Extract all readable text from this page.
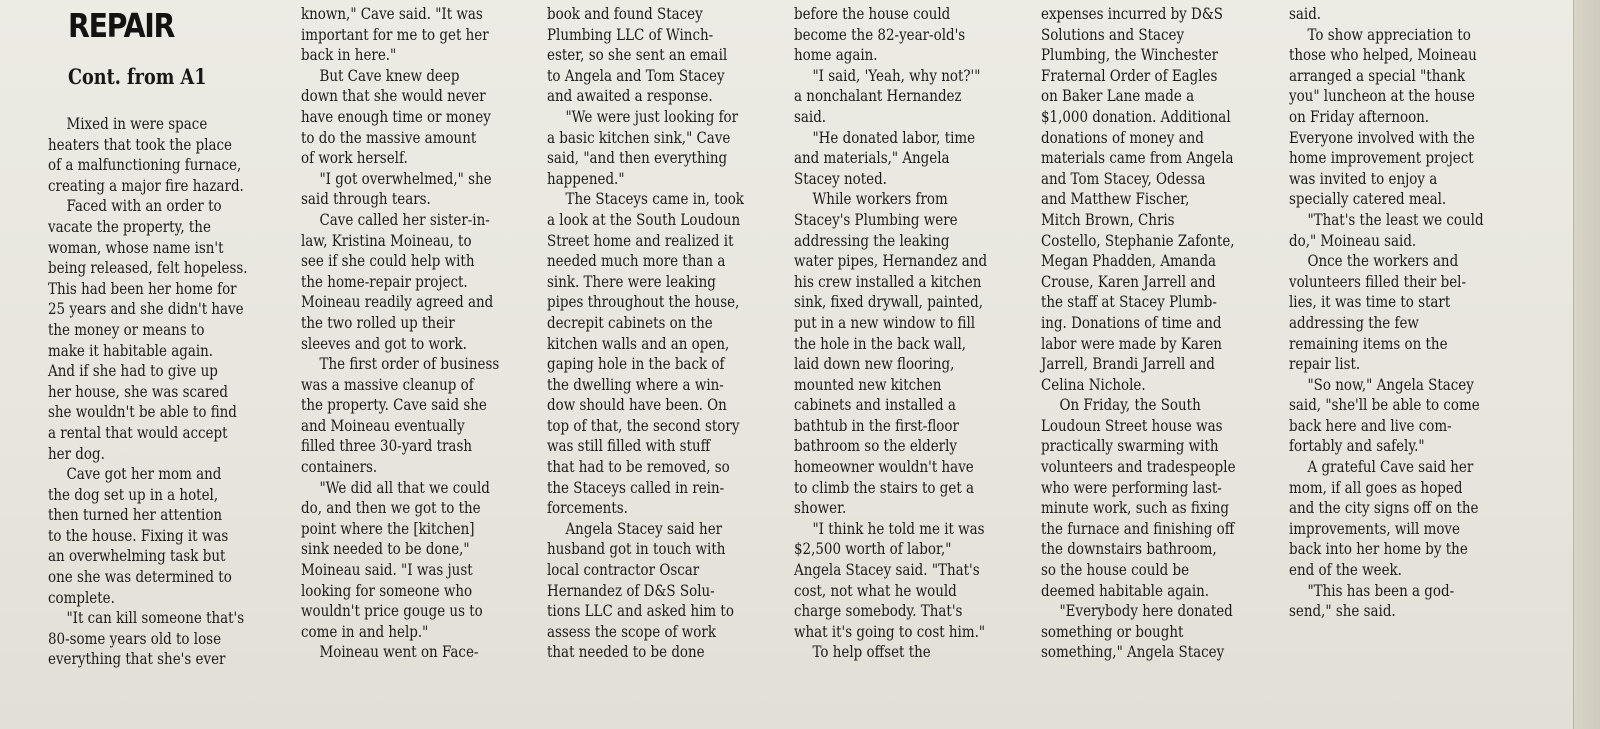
REPAIR
Cont. from A1
Mixed in were space
heaters that took the place
of a malfunctioning furnace,
creating a major fire hazard.
Faced with an order to
vacate the property, the
woman, whose name isn't
being released, felt hopeless.
This had been her home for
25 years and she didn't have
the money or means to
make it habitable again.
And if she had to give up
her house, she was scared
she wouldn't be able to find
a rental that would accept
her dog.
Cave got her mom and
the dog set up in a hotel,
then turned her attention
to the house. Fixing it was
an overwhelming task but
one she was determined to
complete.
"It can kill someone that's
80-some years old to lose
everything that she's ever
known," Cave said. "It was
important for me to get her
back in here."
But Cave knew deep
down that she would never
have enough time or money
to do the massive amount
of work herself.
"I got overwhelmed," she
said through tears.
Cave called her sister-in-
law, Kristina Moineau, to
see if she could help with
the home-repair project.
Moineau readily agreed and
the two rolled up their
sleeves and got to work.
The first order of business
was a massive cleanup of
the property. Cave said she
and Moineau eventually
filled three 30-yard trash
containers.
"We did all that we could
do, and then we got to the
point where the [kitchen]
sink needed to be done,"
Moineau said. "I was just
looking for someone who
wouldn't price gouge us to
come in and help."
Moineau went on Face-
book and found Stacey
Plumbing LLC of Winch-
ester, so she sent an email
to Angela and Tom Stacey
and awaited a response.
"We were just looking for
a basic kitchen sink," Cave
said, "and then everything
happened."
The Staceys came in, took
a look at the South Loudoun
Street home and realized it
needed much more than a
sink. There were leaking
pipes throughout the house,
decrepit cabinets on the
kitchen walls and an open,
gaping hole in the back of
the dwelling where a win-
dow should have been. On
top of that, the second story
was still filled with stuff
that had to be removed, so
the Staceys called in rein-
forcements.
Angela Stacey said her
husband got in touch with
local contractor Oscar
Hernandez of D&S Solu-
tions LLC and asked him to
assess the scope of work
that needed to be done
before the house could
become the 82-year-old's
home again.
"I said, 'Yeah, why not?'"
a nonchalant Hernandez
said.
"He donated labor, time
and materials," Angela
Stacey noted.
While workers from
Stacey's Plumbing were
addressing the leaking
water pipes, Hernandez and
his crew installed a kitchen
sink, fixed drywall, painted,
put in a new window to fill
the hole in the back wall,
laid down new flooring,
mounted new kitchen
cabinets and installed a
bathtub in the first-floor
bathroom so the elderly
homeowner wouldn't have
to climb the stairs to get a
shower.
"I think he told me it was
$2,500 worth of labor,"
Angela Stacey said. "That's
cost, not what he would
charge somebody. That's
what it's going to cost him."
To help offset the
expenses incurred by D&S
Solutions and Stacey
Plumbing, the Winchester
Fraternal Order of Eagles
on Baker Lane made a
$1,000 donation. Additional
donations of money and
materials came from Angela
and Tom Stacey, Odessa
and Matthew Fischer,
Mitch Brown, Chris
Costello, Stephanie Zafonte,
Megan Phadden, Amanda
Crouse, Karen Jarrell and
the staff at Stacey Plumb-
ing. Donations of time and
labor were made by Karen
Jarrell, Brandi Jarrell and
Celina Nichole.
On Friday, the South
Loudoun Street house was
practically swarming with
volunteers and tradespeople
who were performing last-
minute work, such as fixing
the furnace and finishing off
the downstairs bathroom,
so the house could be
deemed habitable again.
"Everybody here donated
something or bought
something," Angela Stacey
said.
To show appreciation to
those who helped, Moineau
arranged a special "thank
you" luncheon at the house
on Friday afternoon.
Everyone involved with the
home improvement project
was invited to enjoy a
specially catered meal.
"That's the least we could
do," Moineau said.
Once the workers and
volunteers filled their bel-
lies, it was time to start
addressing the few
remaining items on the
repair list.
"So now," Angela Stacey
said, "she'll be able to come
back here and live com-
fortably and safely."
A grateful Cave said her
mom, if all goes as hoped
and the city signs off on the
improvements, will move
back into her home by the
end of the week.
"This has been a god-
send," she said.
